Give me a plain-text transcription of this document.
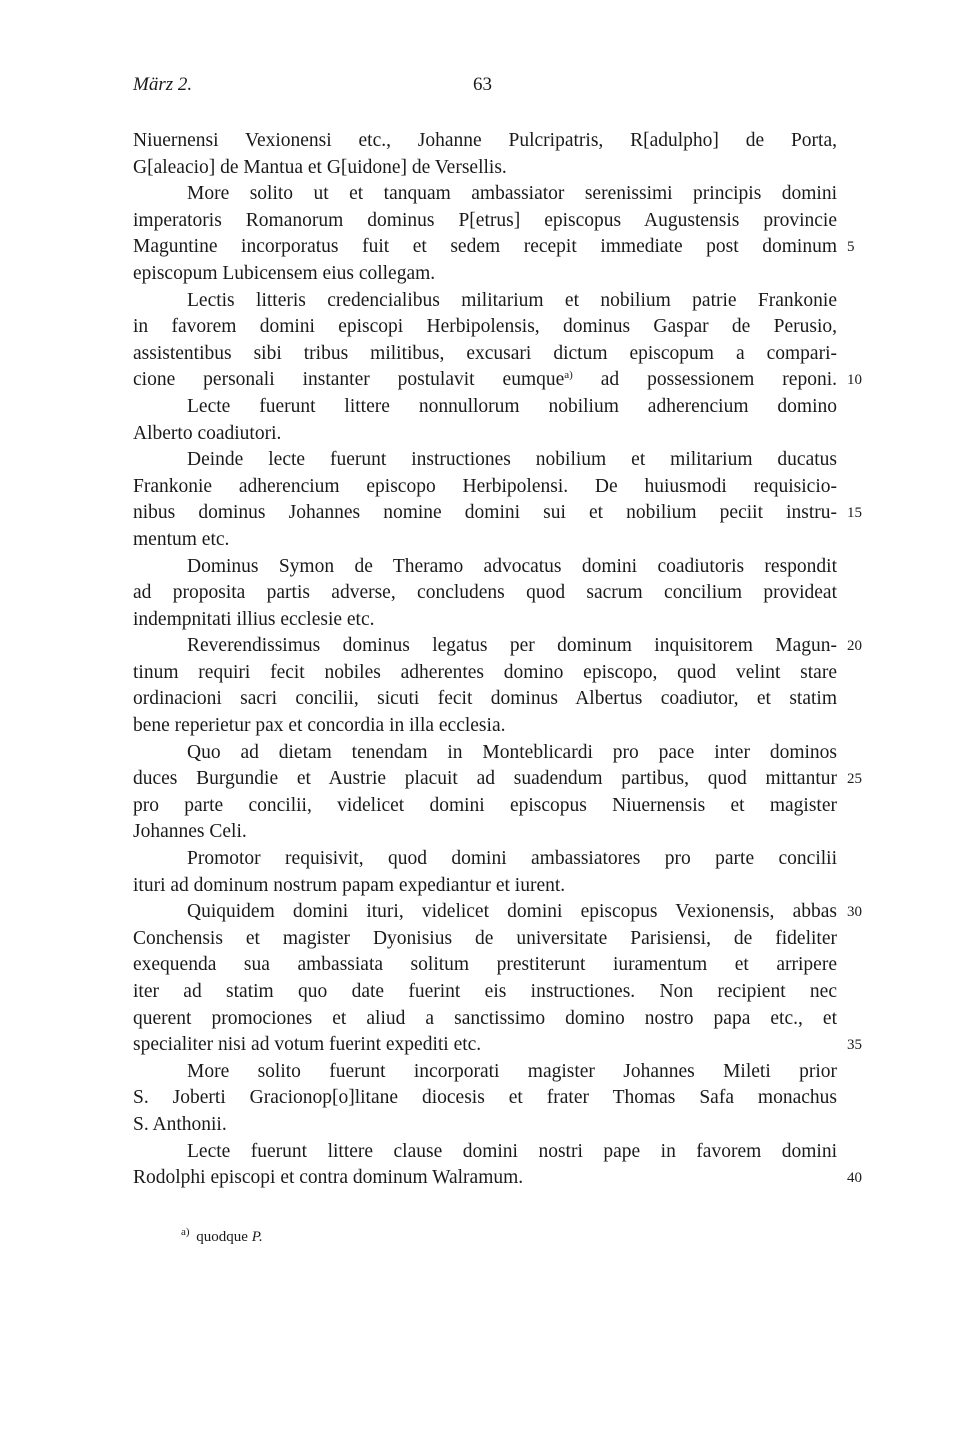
März 2.	63
Niuernensi Vexionensi etc., Johanne Pulcripatris, R[adulpho] de Porta,
G[aleacio] de Mantua et G[uidone] de Versellis.
More solito ut et tanquam ambassiator serenissimi principis domini
imperatoris Romanorum dominus P[etrus] episcopus Augustensis provincie
Maguntine incorporatus fuit et sedem recepit immediate post dominum 5
episcopum Lubicensem eius collegam.
Lectis litteris credencialibus militarium et nobilium patrie Frankonie
in favorem domini episcopi Herbipolensis, dominus Gaspar de Perusio,
assistentibus sibi tribus militibus, excusari dictum episcopum a compari-
cione personali instanter postulavit eumque$^{a)}$ ad possessionem reponi. 10
Lecte fuerunt littere nonnullorum nobilium adherencium domino
Alberto coadiutori.
Deinde lecte fuerunt instructiones nobilium et militarium ducatus
Frankonie adherencium episcopo Herbipolensi. De huiusmodi requisicio-
nibus dominus Johannes nomine domini sui et nobilium peciit instru- 15
mentum etc.
Dominus Symon de Theramo advocatus domini coadiutoris respondit
ad proposita partis adverse, concludens quod sacrum concilium provideat
indempnitati illius ecclesie etc.
Reverendissimus dominus legatus per dominum inquisitorem Magun- 20
tinum requiri fecit nobiles adherentes domino episcopo, quod velint stare
ordinacioni sacri concilii, sicuti fecit dominus Albertus coadiutor, et statim
bene reperietur pax et concordia in illa ecclesia.
Quo ad dietam tenendam in Monteblicardi pro pace inter dominos
duces Burgundie et Austrie placuit ad suadendum partibus, quod mittantur 25
pro parte concilii, videlicet domini episcopus Niuernensis et magister
Johannes Celi.
Promotor requisivit, quod domini ambassiatores pro parte concilii
ituri ad dominum nostrum papam expediantur et iurent.
Quiquidem domini ituri, videlicet domini episcopus Vexionensis, abbas 30
Conchensis et magister Dyonisius de universitate Parisiensi, de fideliter
exequenda sua ambassiata solitum prestiterunt iuramentum et arripere
iter ad statim quo date fuerint eis instructiones. Non recipient nec
querent promociones et aliud a sanctissimo domino nostro papa etc., et
specialiter nisi ad votum fuerint expediti etc.	35
More solito fuerunt incorporati magister Johannes Mileti prior
S. Joberti Gracionop[o]litane diocesis et frater Thomas Safa monachus
S. Anthonii.
Lecte fuerunt littere clause domini nostri pape in favorem domini
Rodolphi episcopi et contra dominum Walramum.	40
$^{a)}$ quodque P.
